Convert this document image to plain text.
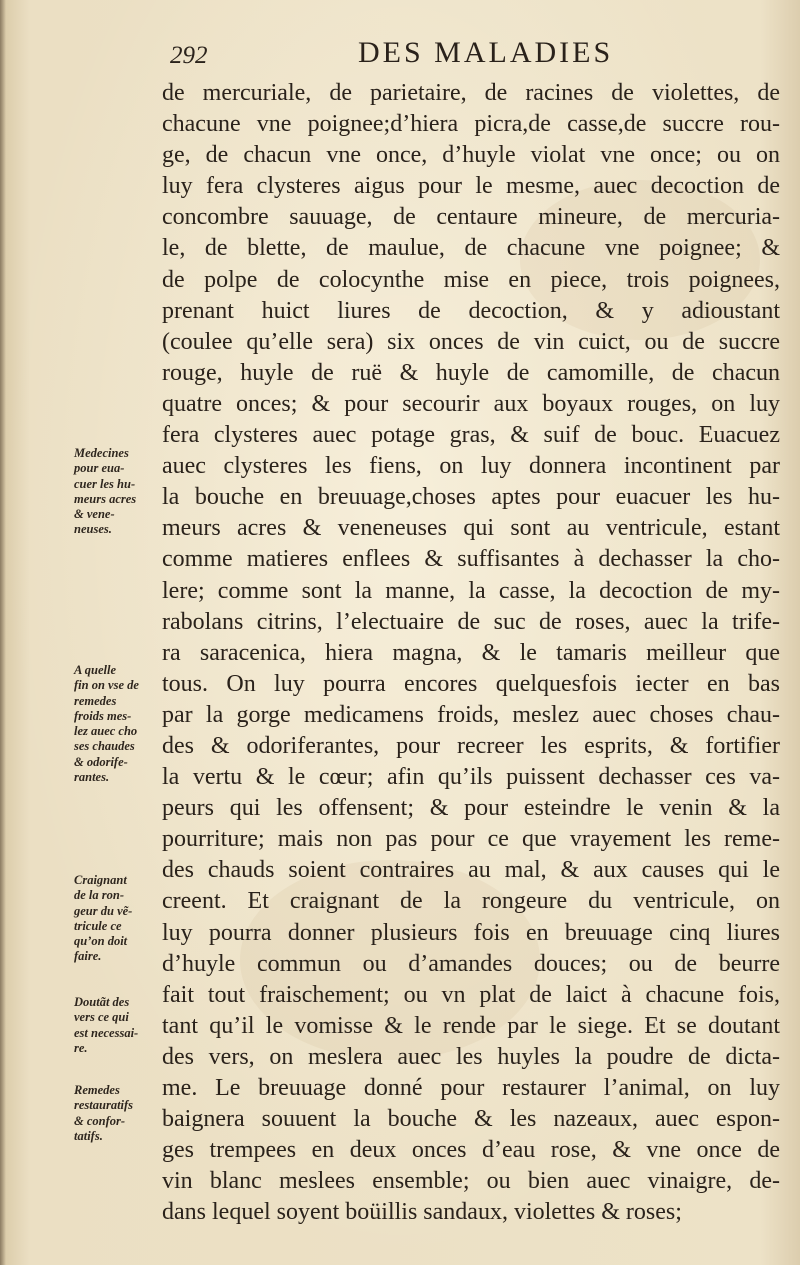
292	DES MALADIES
de mercuriale, de parietaire, de racines de violettes, de
chacune vne poignee;d’hiera picra,de casse,de succre rou-
ge, de chacun vne once, d’huyle violat vne once; ou on
luy fera clysteres aigus pour le mesme, auec decoction de
concombre sauuage, de centaure mineure, de mercuria-
le, de blette, de maulue, de chacune vne poignee; &
de polpe de colocynthe mise en piece, trois poignees,
prenant huict liures de decoction, & y adioustant
(coulee qu’elle sera) six onces de vin cuict, ou de succre
rouge, huyle de ruë & huyle de camomille, de chacun
quatre onces; & pour secourir aux boyaux rouges, on luy
fera clysteres auec potage gras, & suif de bouc. Euacuez
auec clysteres les fiens, on luy donnera incontinent par
la bouche en breuuage,choses aptes pour euacuer les hu-
meurs acres & veneneuses qui sont au ventricule, estant
comme matieres enflees & suffisantes à dechasser la cho-
lere; comme sont la manne, la casse, la decoction de my-
rabolans citrins, l’electuaire de suc de roses, auec la trife-
ra saracenica, hiera magna, & le tamaris meilleur que
tous. On luy pourra encores quelquesfois iecter en bas
par la gorge medicamens froids, meslez auec choses chau-
des & odoriferantes, pour recreer les esprits, & fortifier
la vertu & le cœur; afin qu’ils puissent dechasser ces va-
peurs qui les offensent; & pour esteindre le venin & la
pourriture; mais non pas pour ce que vrayement les reme-
des chauds soient contraires au mal, & aux causes qui le
creent. Et craignant de la rongeure du ventricule, on
luy pourra donner plusieurs fois en breuuage cinq liures
d’huyle commun ou d’amandes douces; ou de beurre
fait tout fraischement; ou vn plat de laict à chacune fois,
tant qu’il le vomisse & le rende par le siege. Et se doutant
des vers, on meslera auec les huyles la poudre de dicta-
me. Le breuuage donné pour restaurer l’animal, on luy
baignera souuent la bouche & les nazeaux, auec espon-
ges trempees en deux onces d’eau rose, & vne once de
vin blanc meslees ensemble; ou bien auec vinaigre, de-
dans lequel soyent boüillis sandaux, violettes & roses;
Medecines
pour eua-
cuer les hu-
meurs acres
& vene-
neuses.
A quelle
fin on vse de
remedes
froids mes-
lez auec cho
ses chaudes
& odorife-
rantes.
Craignant
de la ron-
geur du vẽ-
tricule ce
qu’on doit
faire.
Doutãt des
vers ce qui
est necessai-
re.
Remedes
restauratifs
& confor-
tatifs.
